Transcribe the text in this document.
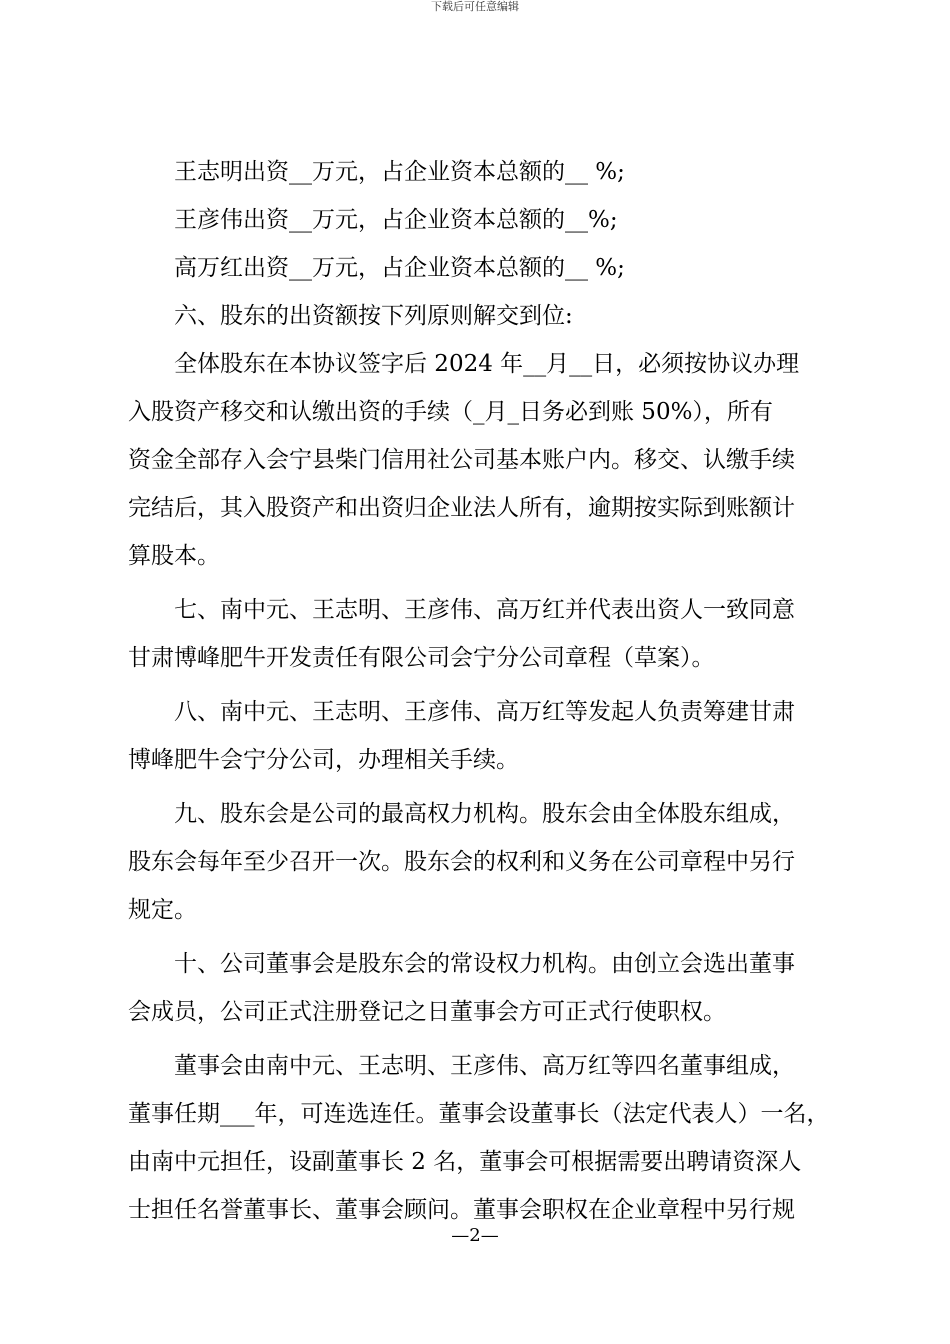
下载后可任意编辑
　　王志明出资__万元，占企业资本总额的__ %;
　　王彦伟出资__万元，占企业资本总额的__%;
　　高万红出资__万元，占企业资本总额的__ %;
　　六、股东的出资额按下列原则解交到位:
　　全体股东在本协议签字后 2024 年__月__日，必须按协议办理
入股资产移交和认缴出资的手续（_月_日务必到账 50%），所有
资金全部存入会宁县柴门信用社公司基本账户内。移交、认缴手续
完结后，其入股资产和出资归企业法人所有，逾期按实际到账额计
算股本。
　　七、南中元、王志明、王彦伟、高万红并代表出资人一致同意
甘肃博峰肥牛开发责任有限公司会宁分公司章程（草案）。
　　八、南中元、王志明、王彦伟、高万红等发起人负责筹建甘肃
博峰肥牛会宁分公司，办理相关手续。
　　九、股东会是公司的最高权力机构。股东会由全体股东组成，
股东会每年至少召开一次。股东会的权利和义务在公司章程中另行
规定。
　　十、公司董事会是股东会的常设权力机构。由创立会选出董事
会成员，公司正式注册登记之日董事会方可正式行使职权。
　　董事会由南中元、王志明、王彦伟、高万红等四名董事组成，
董事任期___年，可连选连任。董事会设董事长（法定代表人）一名，
由南中元担任，设副董事长 2 名，董事会可根据需要出聘请资深人
士担任名誉董事长、董事会顾问。董事会职权在企业章程中另行规
—2—
